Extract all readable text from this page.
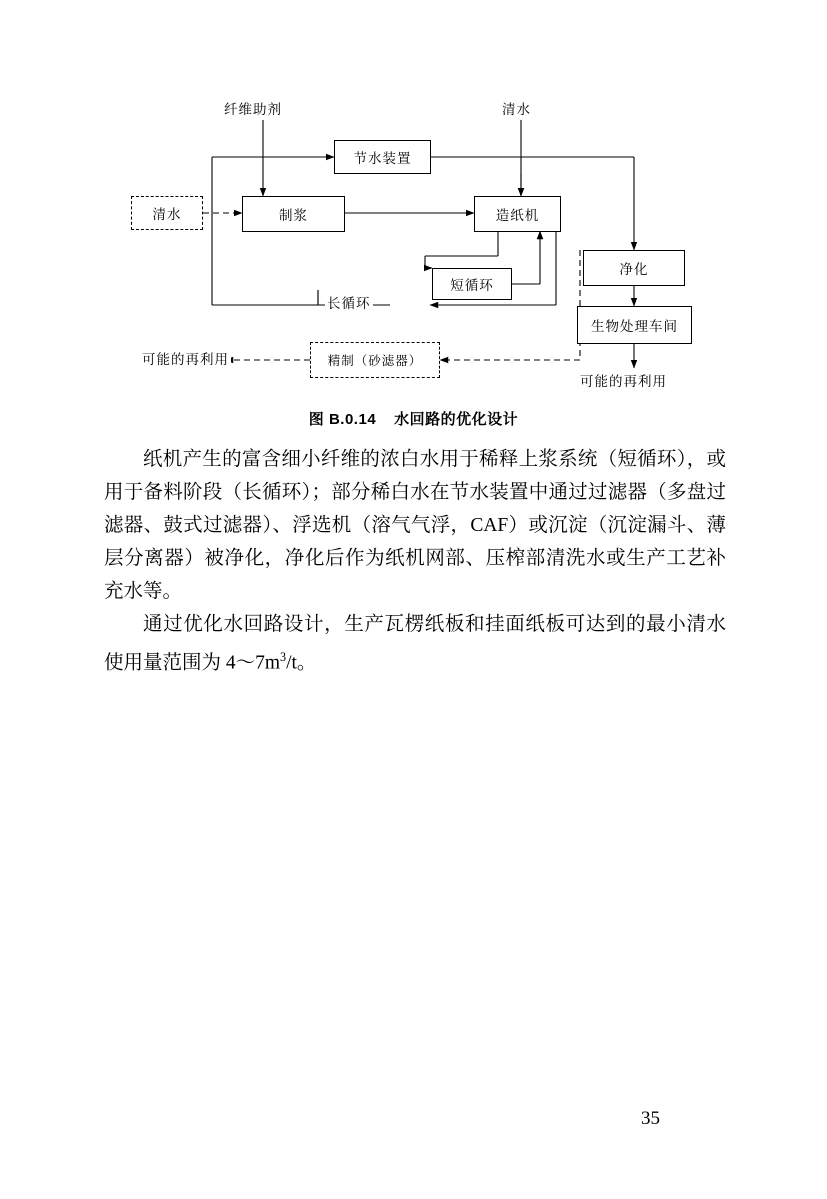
清水
节水装置
制浆	造纸机
短循环
净化
生物处理车间
精制（砂滤器）
纤维助剂	清水
长循环
可能的再利用
可能的再利用
图 B.0.14 水回路的优化设计

纸机产生的富含细小纤维的浓白水用于稀释上浆系统（短循环），或用于备料阶段（长循环）；部分稀白水在节水装置中通过过滤器（多盘过滤器、鼓式过滤器）、浮选机（溶气气浮，CAF）或沉淀（沉淀漏斗、薄层分离器）被净化，净化后作为纸机网部、压榨部清洗水或生产工艺补充水等。

通过优化水回路设计，生产瓦楞纸板和挂面纸板可达到的最小清水使用量范围为 $4\sim 7m^3/t$。

35
